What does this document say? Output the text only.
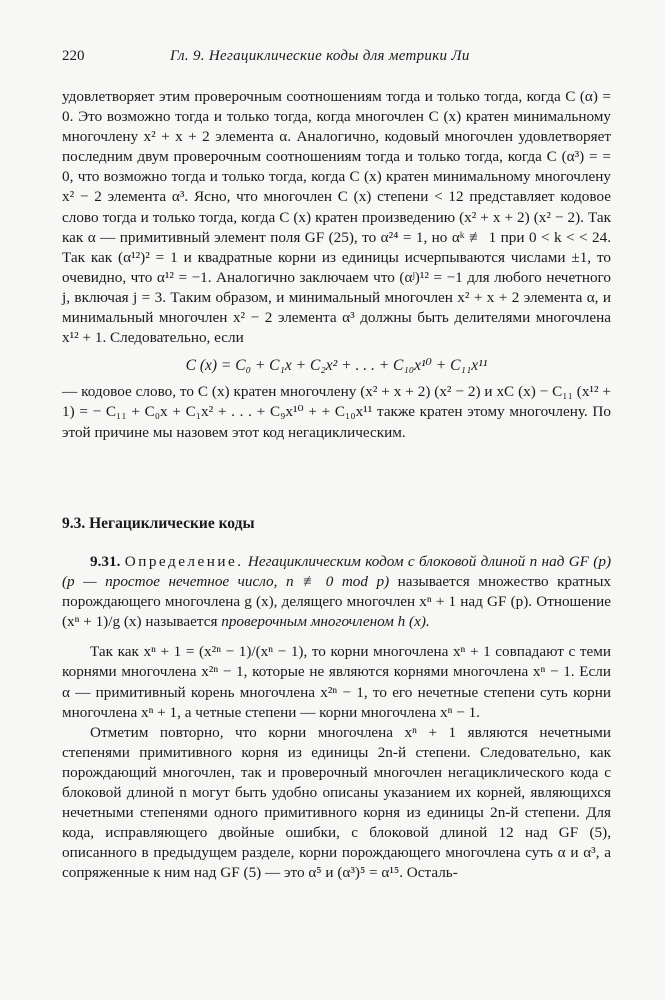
220	Гл. 9. Негациклические коды для метрики Ли

удовлетворяет этим проверочным соотношениям тогда и только тогда, когда C (α) = 0. Это возможно тогда и только тогда, когда многочлен C (x) кратен минимальному многочлену x² + x + 2 элемента α. Аналогично, кодовый многочлен удовлетворяет последним двум проверочным соотношениям тогда и только тогда, когда C (α³) = = 0, что возможно тогда и только тогда, когда C (x) кратен минимальному многочлену x² − 2 элемента α³. Ясно, что многочлен C (x) степени < 12 представляет кодовое слово тогда и только тогда, когда C (x) кратен произведению (x² + x + 2) (x² − 2). Так как α — примитивный элемент поля GF (25), то α²⁴ = 1, но αᵏ ≢ 1 при 0 < k < < 24. Так как (α¹²)² = 1 и квадратные корни из единицы исчерпываются числами ±1, то очевидно, что α¹² = −1. Аналогично заключаем что (αʲ)¹² = −1 для любого нечетного j, включая j = 3. Таким образом, и минимальный многочлен x² + x + 2 элемента α, и минимальный многочлен x² − 2 элемента α³ должны быть делителями многочлена x¹² + 1. Следовательно, если

C (x) = C₀ + C₁x + C₂x² + . . . + C₁₀x¹⁰ + C₁₁x¹¹

— кодовое слово, то C (x) кратен многочлену (x² + x + 2) (x² − 2) и xC (x) − C₁₁ (x¹² + 1) = − C₁₁ + C₀x + C₁x² + . . . + C₉x¹⁰ + + C₁₀x¹¹ также кратен этому многочлену. По этой причине мы назовем этот код негациклическим.

9.3. Негациклические коды

9.31. Определение. Негациклическим кодом с блоковой длиной n над GF (p) (p — простое нечетное число, n ≢ 0 mod p) называется множество кратных порождающего многочлена g (x), делящего многочлен xⁿ + 1 над GF (p). Отношение (xⁿ + 1)/g (x) называется проверочным многочленом h (x).

Так как xⁿ + 1 = (x²ⁿ − 1)/(xⁿ − 1), то корни многочлена xⁿ + 1 совпадают с теми корнями многочлена x²ⁿ − 1, которые не являются корнями многочлена xⁿ − 1. Если α — примитивный корень многочлена x²ⁿ − 1, то его нечетные степени суть корни многочлена xⁿ + 1, а четные степени — корни многочлена xⁿ − 1.

Отметим повторно, что корни многочлена xⁿ + 1 являются нечетными степенями примитивного корня из единицы 2n-й степени. Следовательно, как порождающий многочлен, так и проверочный многочлен негациклического кода с блоковой длиной n могут быть удобно описаны указанием их корней, являющихся нечетными степенями одного примитивного корня из единицы 2n-й степени. Для кода, исправляющего двойные ошибки, с блоковой длиной 12 над GF (5), описанного в предыдущем разделе, корни порождающего многочлена суть α и α³, а сопряженные к ним над GF (5) — это α⁵ и (α³)⁵ = α¹⁵. Осталь-
